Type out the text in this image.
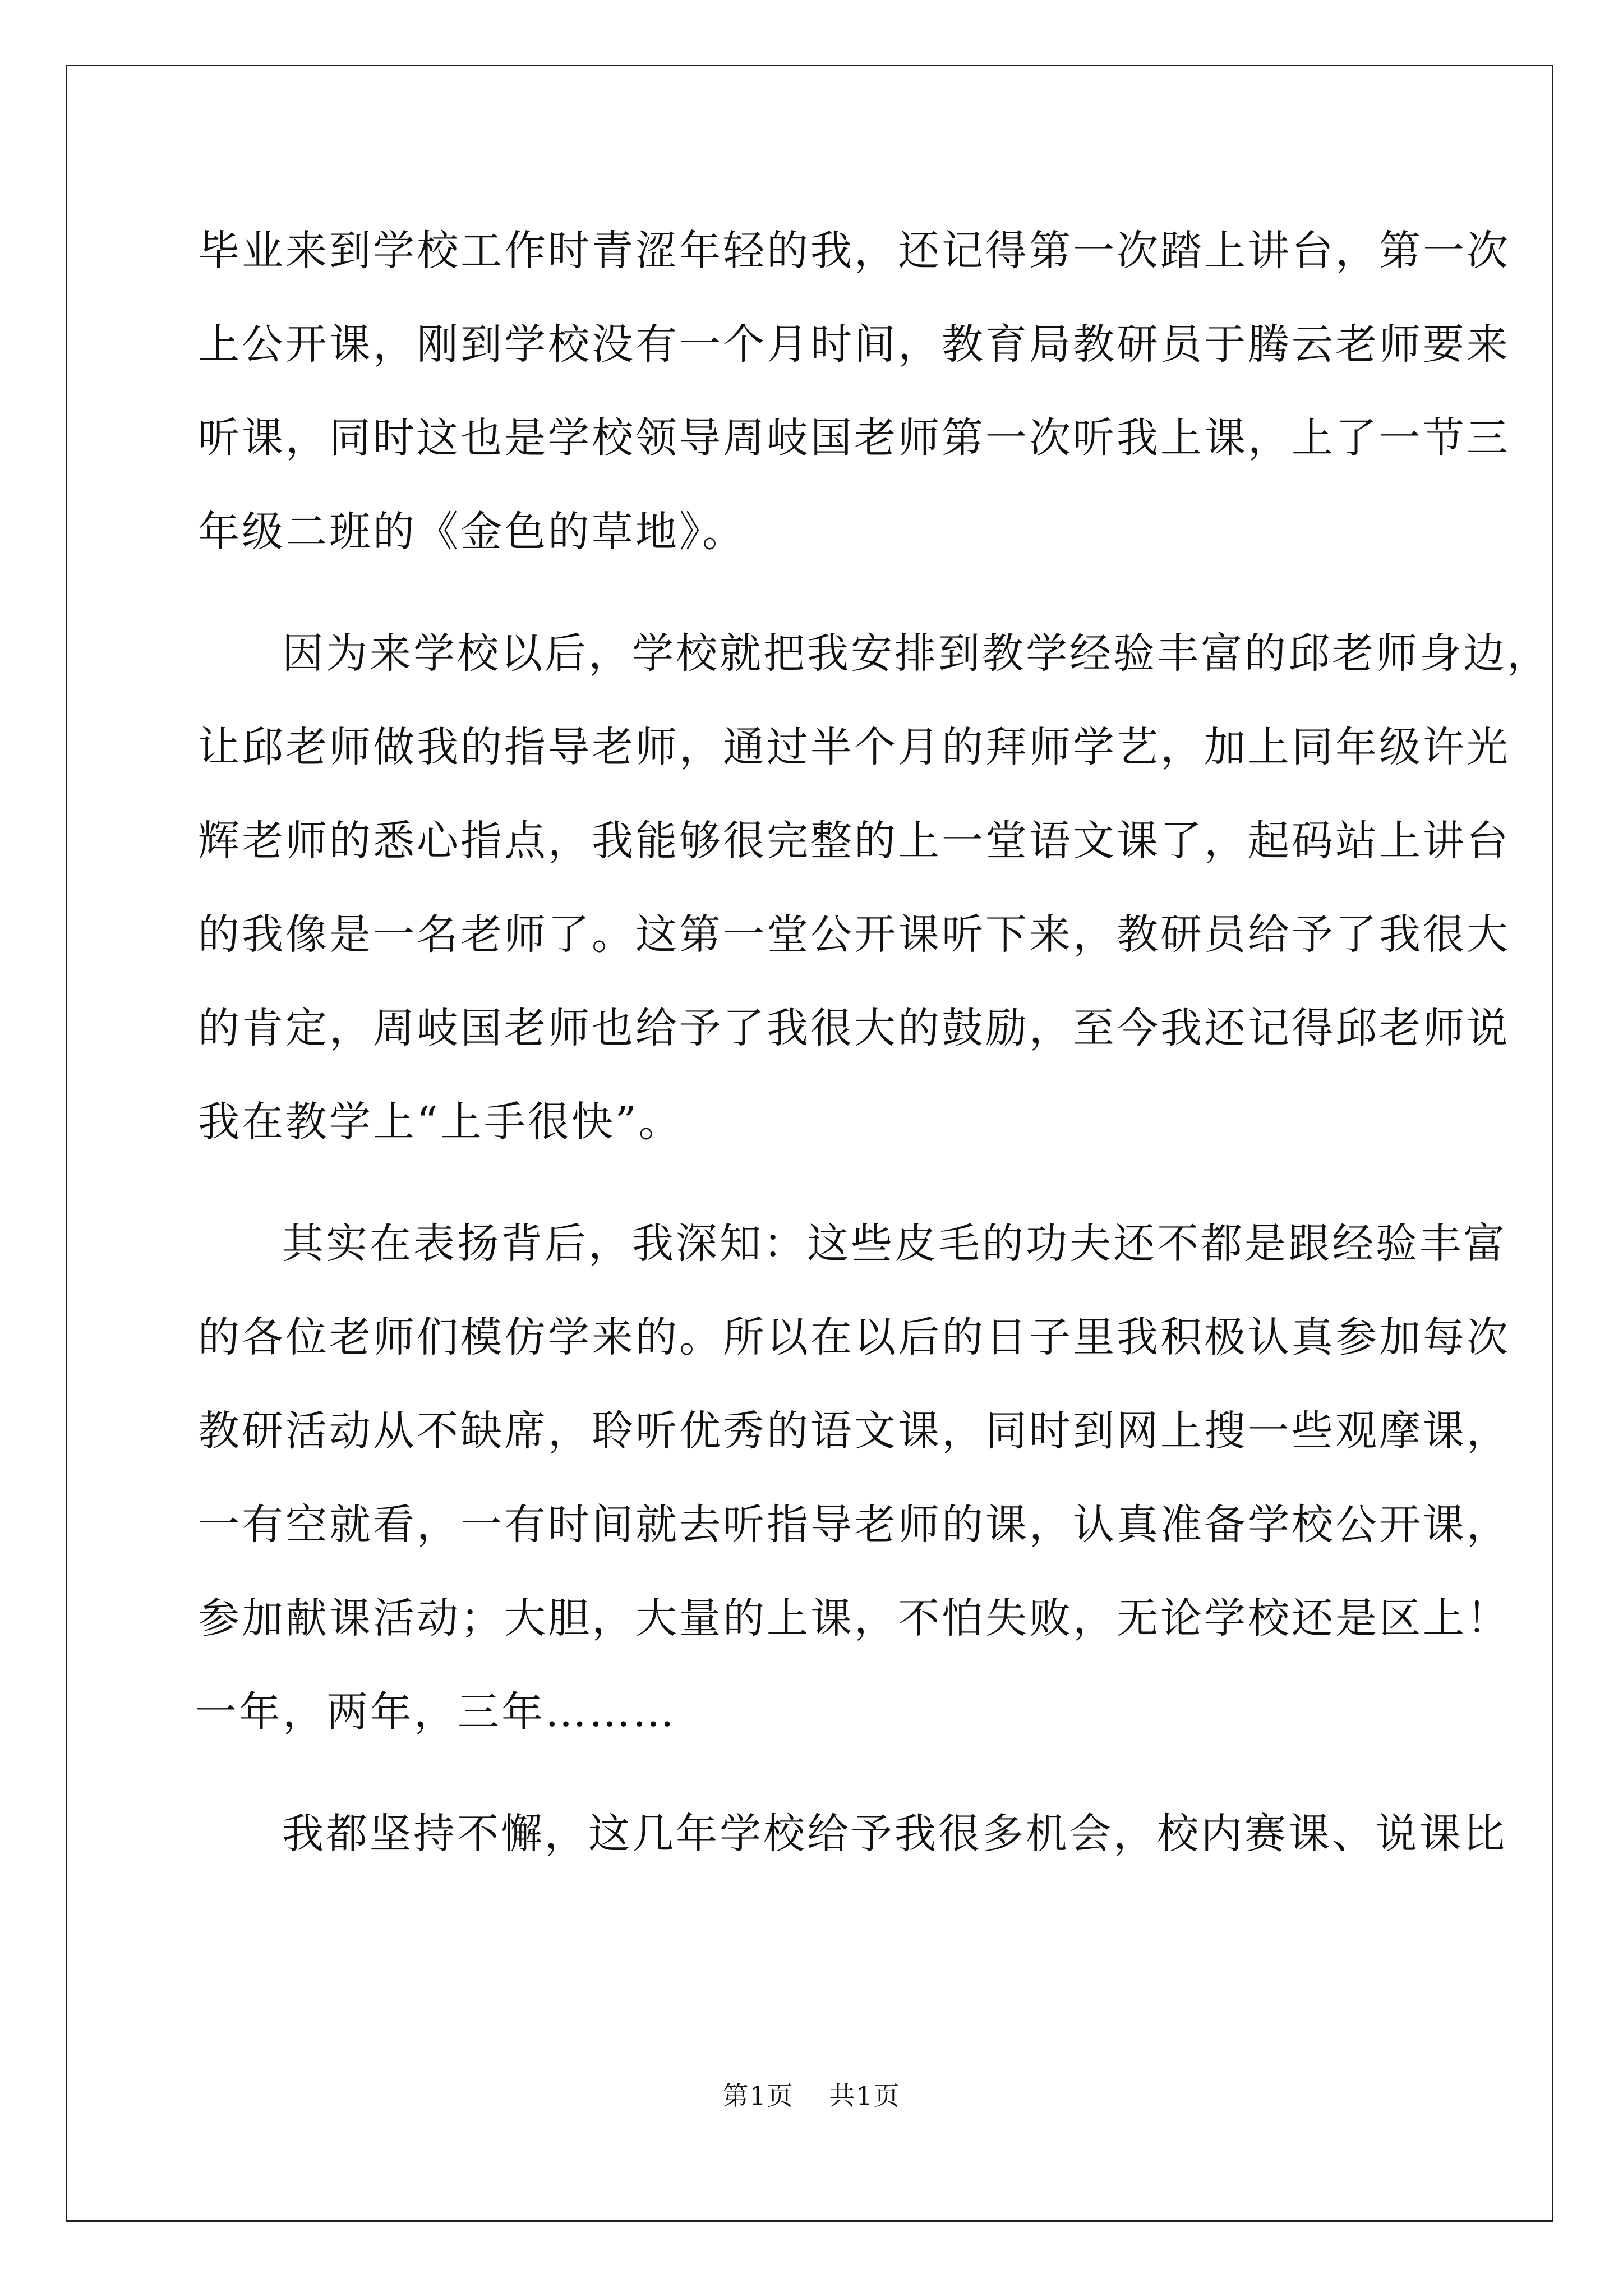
毕业来到学校工作时青涩年轻的我，还记得第一次踏上讲台，第一次
上公开课，刚到学校没有一个月时间，教育局教研员于腾云老师要来
听课，同时这也是学校领导周岐国老师第一次听我上课，上了一节三
年级二班的《金色的草地》。
因为来学校以后，学校就把我安排到教学经验丰富的邱老师身边，
让邱老师做我的指导老师，通过半个月的拜师学艺，加上同年级许光
辉老师的悉心指点，我能够很完整的上一堂语文课了，起码站上讲台
的我像是一名老师了。这第一堂公开课听下来，教研员给予了我很大
的肯定，周岐国老师也给予了我很大的鼓励，至今我还记得邱老师说
我在教学上“上手很快”。
其实在表扬背后，我深知：这些皮毛的功夫还不都是跟经验丰富
的各位老师们模仿学来的。所以在以后的日子里我积极认真参加每次
教研活动从不缺席，聆听优秀的语文课，同时到网上搜一些观摩课，
一有空就看，一有时间就去听指导老师的课，认真准备学校公开课，
参加献课活动；大胆，大量的上课，不怕失败，无论学校还是区上！
一年，两年，三年………
我都坚持不懈，这几年学校给予我很多机会，校内赛课、说课比
第1页 共1页
